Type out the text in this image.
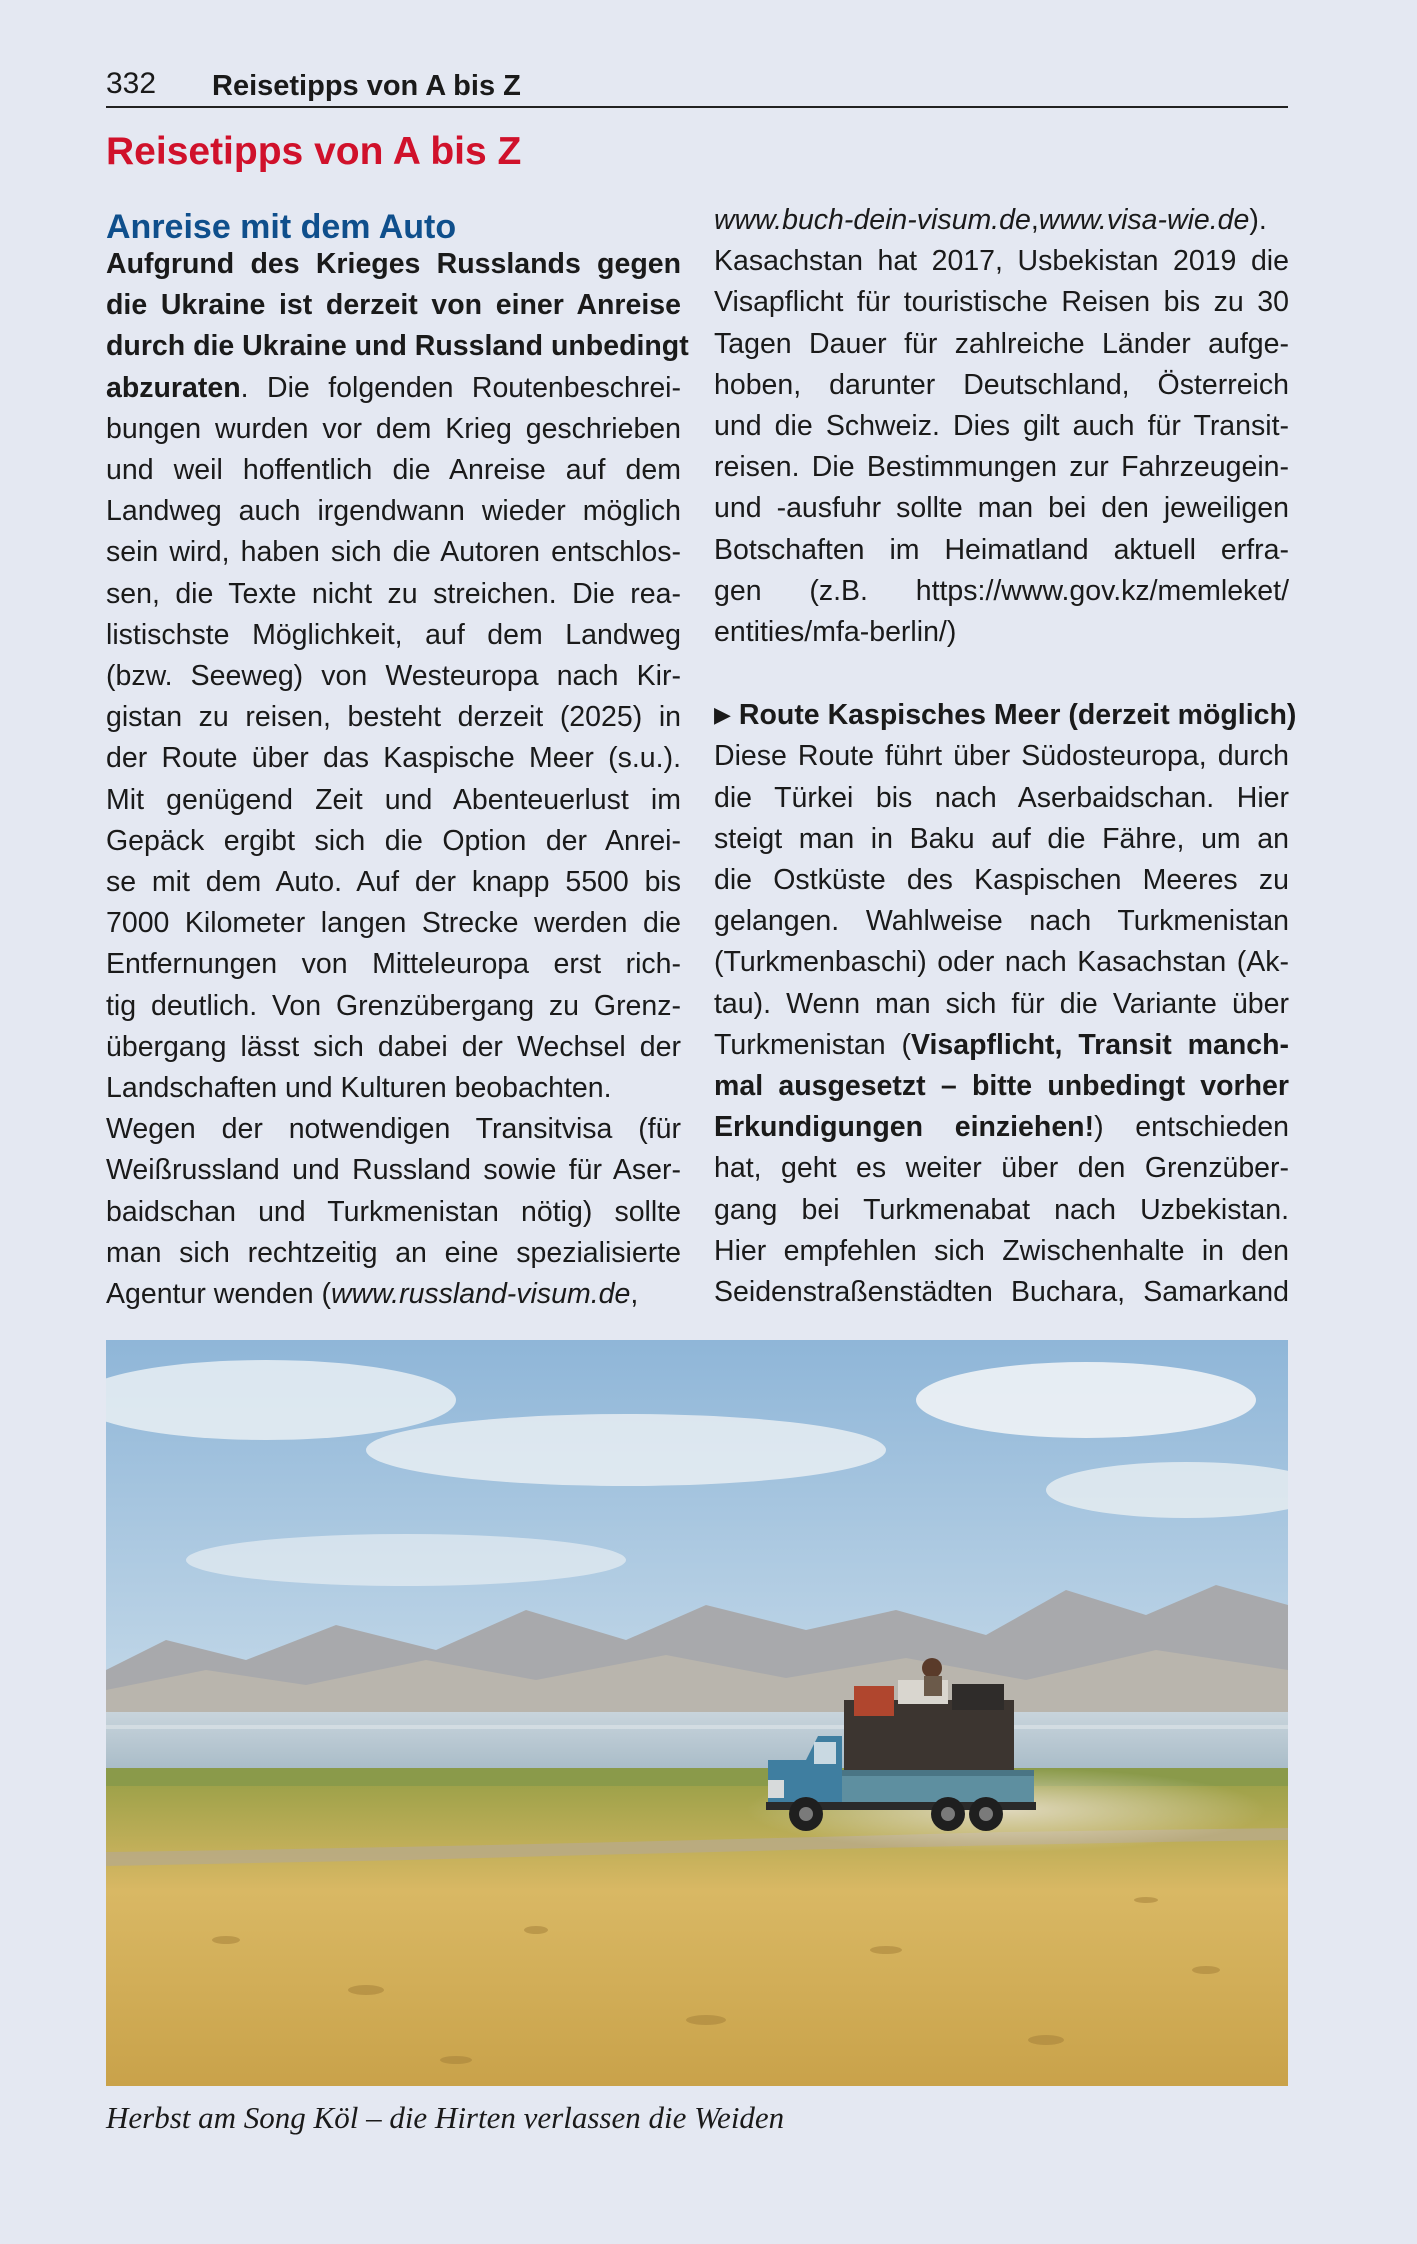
332 Reisetipps von A bis Z
Reisetipps von A bis Z
Anreise mit dem Auto
Aufgrund des Krieges Russlands gegen
die Ukraine ist derzeit von einer Anreise
durch die Ukraine und Russland unbedingt
abzuraten. Die folgenden Routenbeschrei-
bungen wurden vor dem Krieg geschrieben
und weil hoffentlich die Anreise auf dem
Landweg auch irgendwann wieder möglich
sein wird, haben sich die Autoren entschlos-
sen, die Texte nicht zu streichen. Die rea-
listischste Möglichkeit, auf dem Landweg
(bzw. Seeweg) von Westeuropa nach Kir-
gistan zu reisen, besteht derzeit (2025) in
der Route über das Kaspische Meer (s.u.).
Mit genügend Zeit und Abenteuerlust im
Gepäck ergibt sich die Option der Anrei-
se mit dem Auto. Auf der knapp 5500 bis
7000 Kilometer langen Strecke werden die
Entfernungen von Mitteleuropa erst rich-
tig deutlich. Von Grenzübergang zu Grenz-
übergang lässt sich dabei der Wechsel der
Landschaften und Kulturen beobachten.
Wegen der notwendigen Transitvisa (für
Weißrussland und Russland sowie für Aser-
baidschan und Turkmenistan nötig) sollte
man sich rechtzeitig an eine spezialisierte
Agentur wenden (www.russland-visum.de,
www.buch-dein-visum.de,www.visa-wie.de).
Kasachstan hat 2017, Usbekistan 2019 die
Visapflicht für touristische Reisen bis zu 30
Tagen Dauer für zahlreiche Länder aufge-
hoben, darunter Deutschland, Österreich
und die Schweiz. Dies gilt auch für Transit-
reisen. Die Bestimmungen zur Fahrzeugein-
und -ausfuhr sollte man bei den jeweiligen
Botschaften im Heimatland aktuell erfra-
gen (z.B. https://www.gov.kz/memleket/
entities/mfa-berlin/)
▶ Route Kaspisches Meer (derzeit möglich)
Diese Route führt über Südosteuropa, durch
die Türkei bis nach Aserbaidschan. Hier
steigt man in Baku auf die Fähre, um an
die Ostküste des Kaspischen Meeres zu
gelangen. Wahlweise nach Turkmenistan
(Turkmenbaschi) oder nach Kasachstan (Ak-
tau). Wenn man sich für die Variante über
Turkmenistan (Visapflicht, Transit manch-
mal ausgesetzt – bitte unbedingt vorher
Erkundigungen einziehen!) entschieden
hat, geht es weiter über den Grenzüber-
gang bei Turkmenabat nach Uzbekistan.
Hier empfehlen sich Zwischenhalte in den
Seidenstraßenstädten Buchara, Samarkand
Herbst am Song Köl – die Hirten verlassen die Weiden
